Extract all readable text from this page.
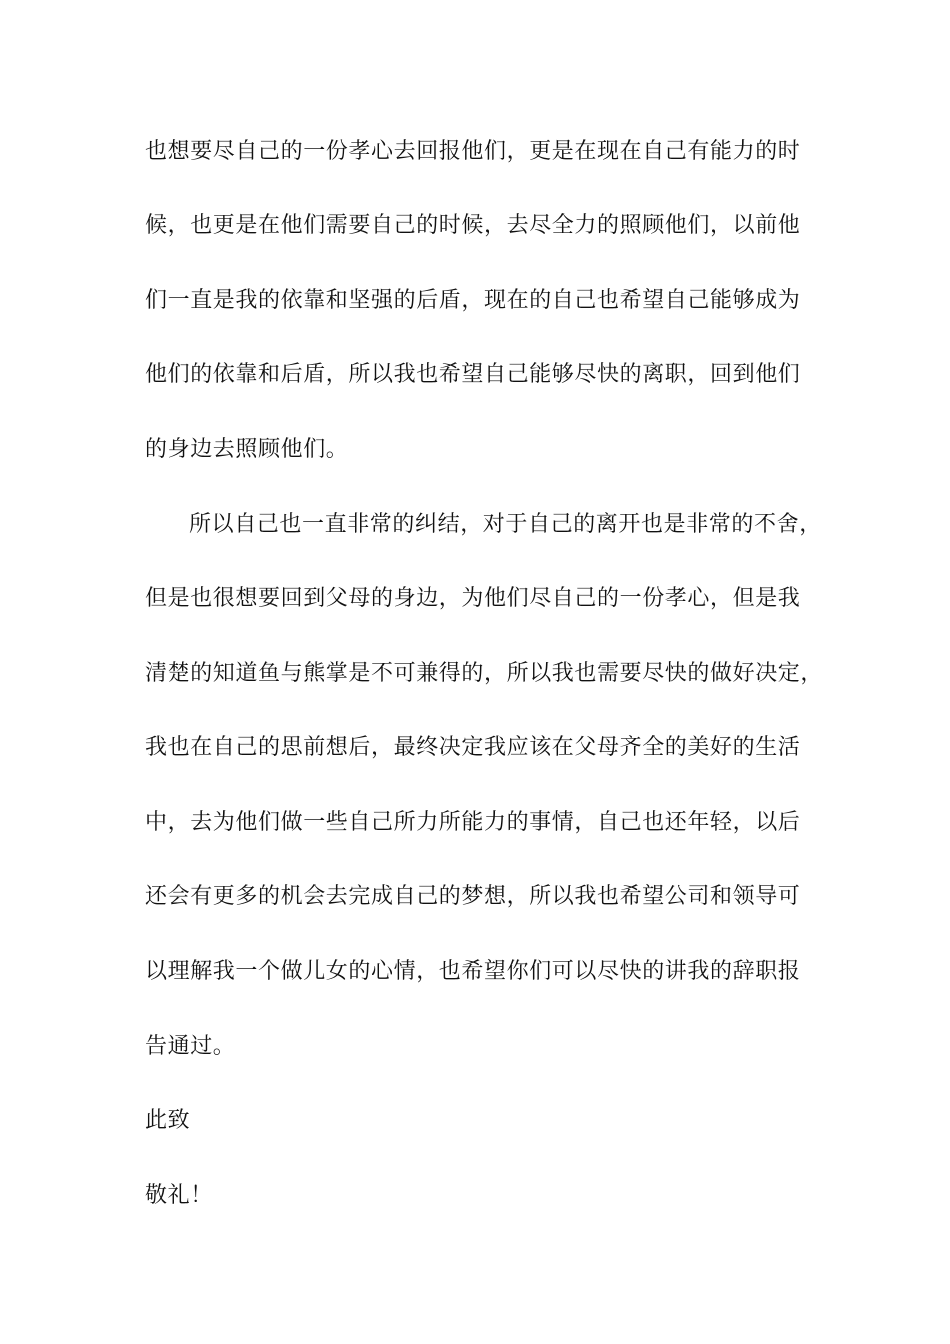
也想要尽自己的一份孝心去回报他们，更是在现在自己有能力的时

候，也更是在他们需要自己的时候，去尽全力的照顾他们，以前他

们一直是我的依靠和坚强的后盾，现在的自己也希望自己能够成为

他们的依靠和后盾，所以我也希望自己能够尽快的离职，回到他们

的身边去照顾他们。

所以自己也一直非常的纠结，对于自己的离开也是非常的不舍，

但是也很想要回到父母的身边，为他们尽自己的一份孝心，但是我

清楚的知道鱼与熊掌是不可兼得的，所以我也需要尽快的做好决定，

我也在自己的思前想后，最终决定我应该在父母齐全的美好的生活

中，去为他们做一些自己所力所能力的事情，自己也还年轻，以后

还会有更多的机会去完成自己的梦想，所以我也希望公司和领导可

以理解我一个做儿女的心情，也希望你们可以尽快的讲我的辞职报

告通过。

此致

敬礼！
